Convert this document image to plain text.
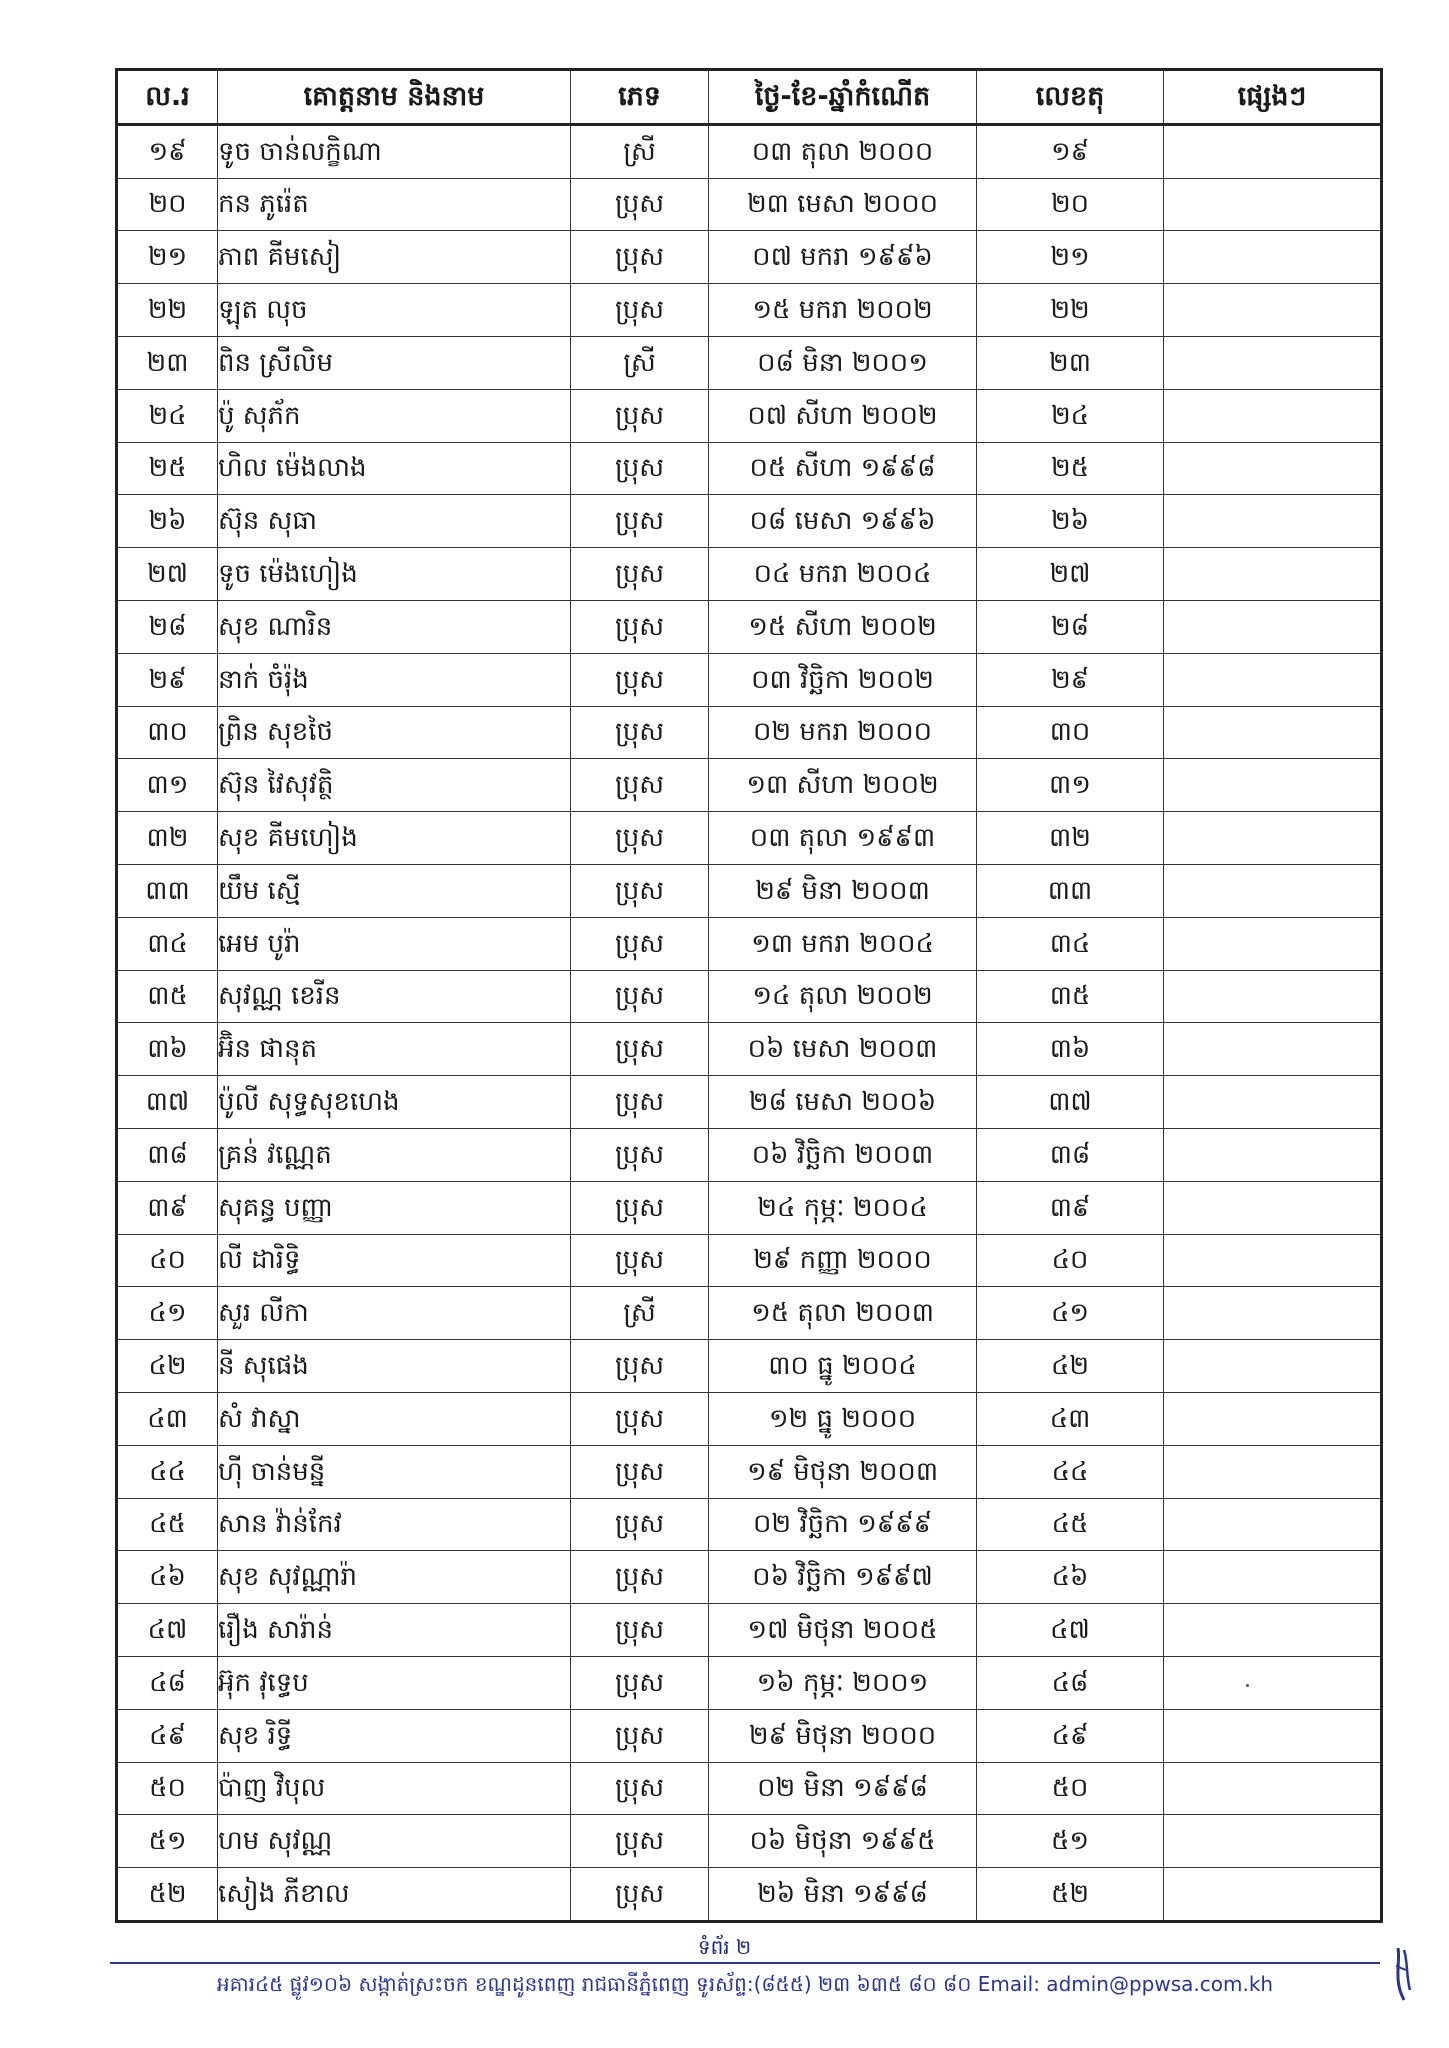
ល.រ	គោត្តនាម និងនាម	ភេទ	ថ្ងៃ-ខែ-ឆ្នាំកំណើត	លេខតុ	ផ្សេងៗ
១៩	ទូច ចាន់លក្ខិណា	ស្រី	០៣ តុលា ២០០០	១៩	
២០	កន ភូរ៉េត	ប្រុស	២៣ មេសា ២០០០	២០	
២១	ភាព គីមសៀ	ប្រុស	០៧ មករា ១៩៩៦	២១	
២២	ឡុត លុច	ប្រុស	១៥ មករា ២០០២	២២	
២៣	ពិន ស្រីលិម	ស្រី	០៨ មិនា ២០០១	២៣	
២៤	ប៉ូ សុភ័ក	ប្រុស	០៧ សីហា ២០០២	២៤	
២៥	ហិល ម៉េងលាង	ប្រុស	០៥ សីហា ១៩៩៨	២៥	
២៦	ស៊ុន សុធា	ប្រុស	០៨ មេសា ១៩៩៦	២៦	
២៧	ទូច ម៉េងហៀង	ប្រុស	០៤ មករា ២០០៤	២៧	
២៨	សុខ ណារិន	ប្រុស	១៥ សីហា ២០០២	២៨	
២៩	នាក់ ចំរ៉ុង	ប្រុស	០៣ វិច្ឆិកា ២០០២	២៩	
៣០	ព្រិន សុខថៃ	ប្រុស	០២ មករា ២០០០	៣០	
៣១	ស៊ុន វៃសុវត្ថិ	ប្រុស	១៣ សីហា ២០០២	៣១	
៣២	សុខ គីមហៀង	ប្រុស	០៣ តុលា ១៩៩៣	៣២	
៣៣	យឹម ស្មើ	ប្រុស	២៩ មិនា ២០០៣	៣៣	
៣៤	អេម បូរ៉ា	ប្រុស	១៣ មករា ២០០៤	៣៤	
៣៥	សុវណ្ណ ខេរីន	ប្រុស	១៤ តុលា ២០០២	៣៥	
៣៦	អ៊ិន ផានុត	ប្រុស	០៦ មេសា ២០០៣	៣៦	
៣៧	ប៉ូលី សុទ្ធសុខហេង	ប្រុស	២៨ មេសា ២០០៦	៣៧	
៣៨	គ្រន់ វណ្ណេត	ប្រុស	០៦ វិច្ឆិកា ២០០៣	៣៨	
៣៩	សុគន្ធ បញ្ញា	ប្រុស	២៤ កុម្ភៈ ២០០៤	៣៩	
៤០	លី ដារិទ្ធិ	ប្រុស	២៩ កញ្ញា ២០០០	៤០	
៤១	សួរ លីកា	ស្រី	១៥ តុលា ២០០៣	៤១	
៤២	នី សុផេង	ប្រុស	៣០ ធ្នូ ២០០៤	៤២	
៤៣	សំ វាស្នា	ប្រុស	១២ ធ្នូ ២០០០	៤៣	
៤៤	ហ៊ី ចាន់មន្នី	ប្រុស	១៩ មិថុនា ២០០៣	៤៤	
៤៥	សាន វ៉ាន់កែវ	ប្រុស	០២ វិច្ឆិកា ១៩៩៩	៤៥	
៤៦	សុខ សុវណ្ណារ៉ា	ប្រុស	០៦ វិច្ឆិកា ១៩៩៧	៤៦	
៤៧	រឿង សារ៉ាន់	ប្រុស	១៧ មិថុនា ២០០៥	៤៧	
៤៨	អ៊ុក វុទ្ធេប	ប្រុស	១៦ កុម្ភៈ ២០០១	៤៨	
៤៩	សុខ រិទ្ធី	ប្រុស	២៩ មិថុនា ២០០០	៤៩	
៥០	ប៉ាញ វិបុល	ប្រុស	០២ មិនា ១៩៩៨	៥០	
៥១	ហម សុវណ្ណ	ប្រុស	០៦ មិថុនា ១៩៩៥	៥១	
៥២	សៀង ភីខាល	ប្រុស	២៦ មិនា ១៩៩៨	៥២	
ទំព័រ ២
អគារ៤៥ ផ្លូវ១០៦ សង្កាត់ស្រះចក ខណ្ឌដូនពេញ រាជធានីភ្នំពេញ ទូរស័ព្ទ:(៨៥៥) ២៣ ៦៣៥ ៨០ ៨០ Email: admin@ppwsa.com.kh
